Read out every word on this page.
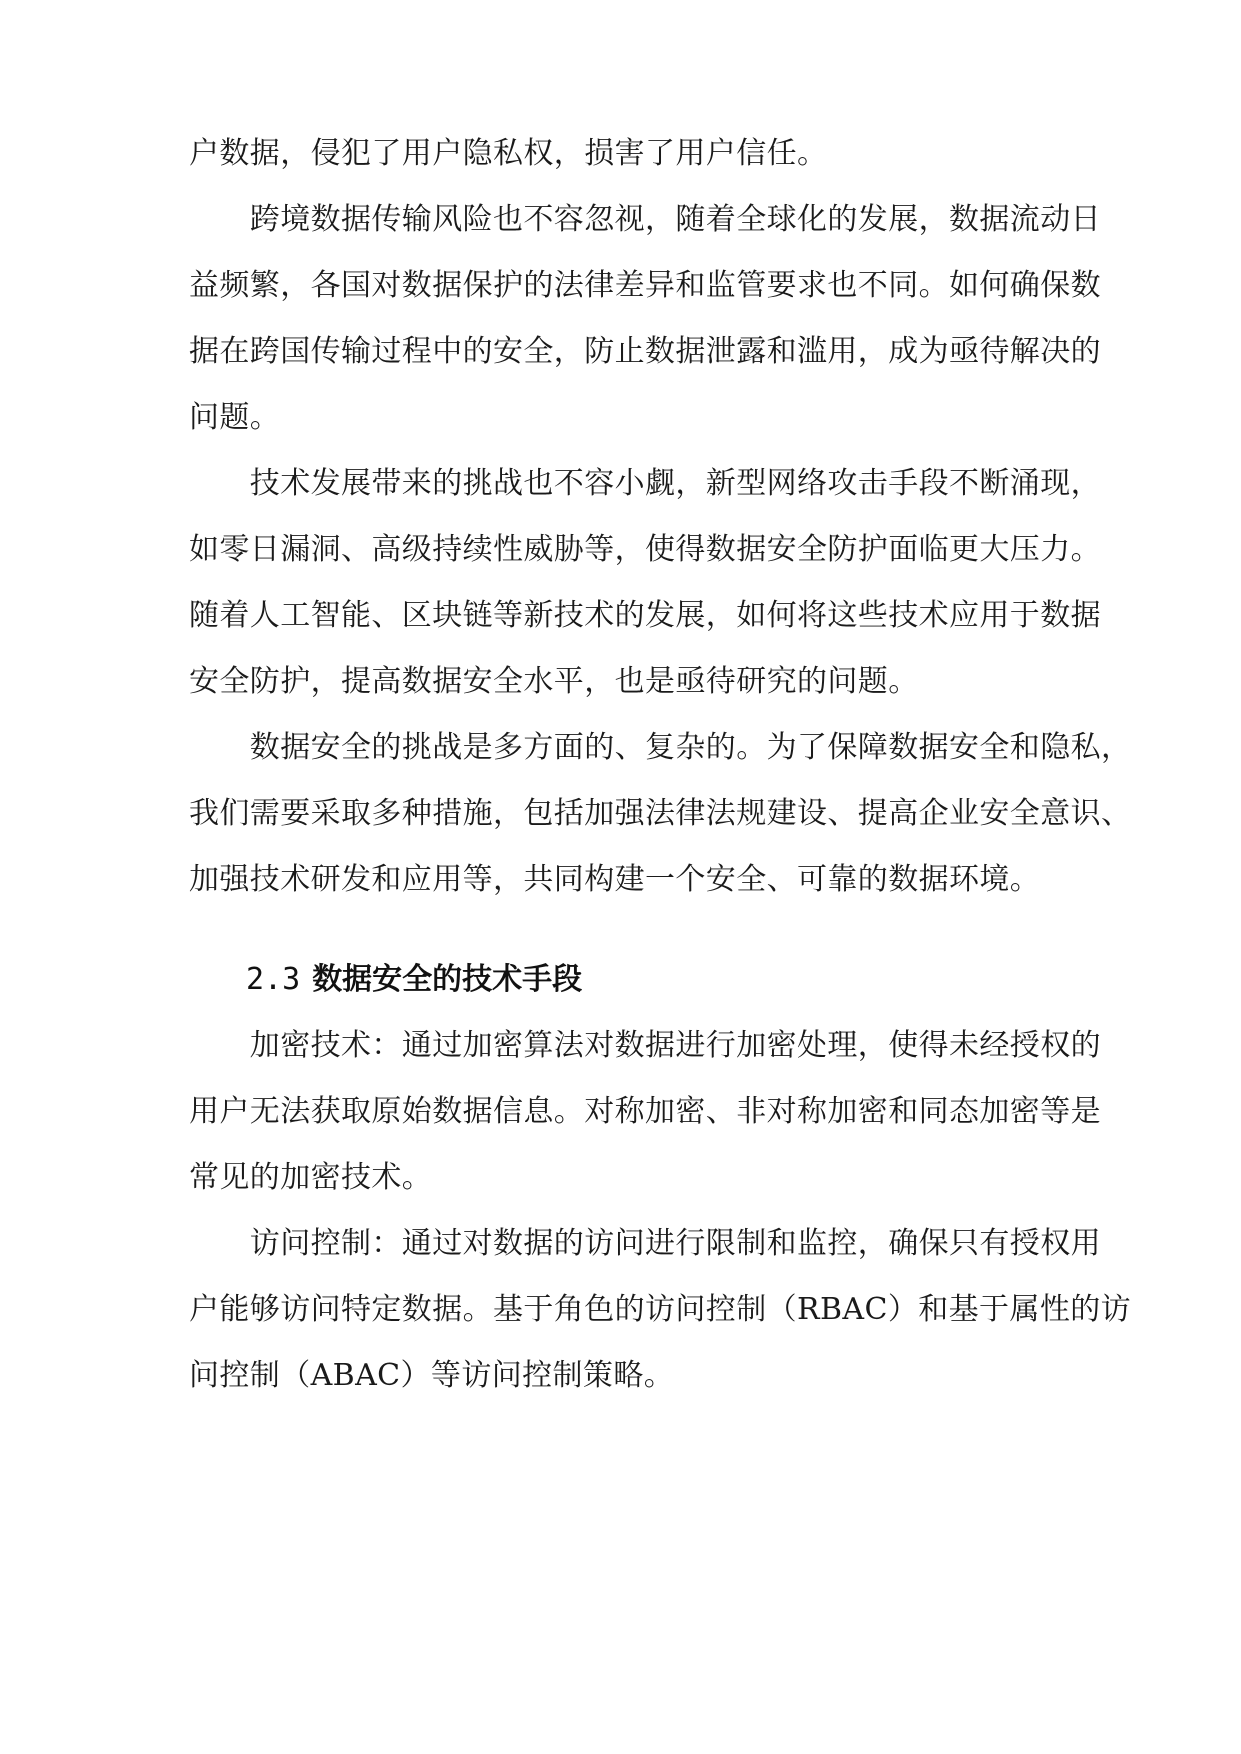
户数据，侵犯了用户隐私权，损害了用户信任。
　　跨境数据传输风险也不容忽视，随着全球化的发展，数据流动日
益频繁，各国对数据保护的法律差异和监管要求也不同。如何确保数
据在跨国传输过程中的安全，防止数据泄露和滥用，成为亟待解决的
问题。
　　技术发展带来的挑战也不容小觑，新型网络攻击手段不断涌现，
如零日漏洞、高级持续性威胁等，使得数据安全防护面临更大压力。
随着人工智能、区块链等新技术的发展，如何将这些技术应用于数据
安全防护，提高数据安全水平，也是亟待研究的问题。
　　数据安全的挑战是多方面的、复杂的。为了保障数据安全和隐私，
我们需要采取多种措施，包括加强法律法规建设、提高企业安全意识、
加强技术研发和应用等，共同构建一个安全、可靠的数据环境。
2.3 数据安全的技术手段
　　加密技术：通过加密算法对数据进行加密处理，使得未经授权的
用户无法获取原始数据信息。对称加密、非对称加密和同态加密等是
常见的加密技术。
　　访问控制：通过对数据的访问进行限制和监控，确保只有授权用
户能够访问特定数据。基于角色的访问控制（RBAC）和基于属性的访
问控制（ABAC）等访问控制策略。
